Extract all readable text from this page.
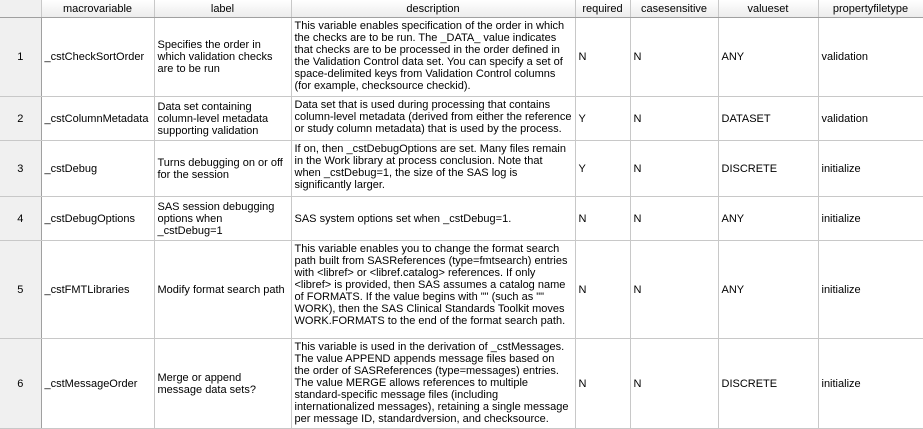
	macrovariable	label	description	required	casesensitive	valueset	propertyfiletype
1	_cstCheckSortOrder	Specifies the order in which validation checks are to be run	This variable enables specification of the order in which the checks are to be run. The _DATA_ value indicates that checks are to be processed in the order defined in the Validation Control data set. You can specify a set of space-delimited keys from Validation Control columns (for example, checksource checkid).	N	N	ANY	validation
2	_cstColumnMetadata	Data set containing column-level metadata supporting validation	Data set that is used during processing that contains column-level metadata (derived from either the reference or study column metadata) that is used by the process.	Y	N	DATASET	validation
3	_cstDebug	Turns debugging on or off for the session	If on, then _cstDebugOptions are set. Many files remain in the Work library at process conclusion. Note that when _cstDebug=1, the size of the SAS log is significantly larger.	Y	N	DISCRETE	initialize
4	_cstDebugOptions	SAS session debugging options when _cstDebug=1	SAS system options set when _cstDebug=1.	N	N	ANY	initialize
5	_cstFMTLibraries	Modify format search path	This variable enables you to change the format search path built from SASReferences (type=fmtsearch) entries with <libref> or <libref.catalog> references. If only <libref> is provided, then SAS assumes a catalog name of FORMATS. If the value begins with "" (such as "" WORK), then the SAS Clinical Standards Toolkit moves WORK.FORMATS to the end of the format search path.	N	N	ANY	initialize
6	_cstMessageOrder	Merge or append message data sets?	This variable is used in the derivation of _cstMessages. The value APPEND appends message files based on the order of SASReferences (type=messages) entries. The value MERGE allows references to multiple standard-specific message files (including internationalized messages), retaining a single message per message ID, standardversion, and checksource.	N	N	DISCRETE	initialize
